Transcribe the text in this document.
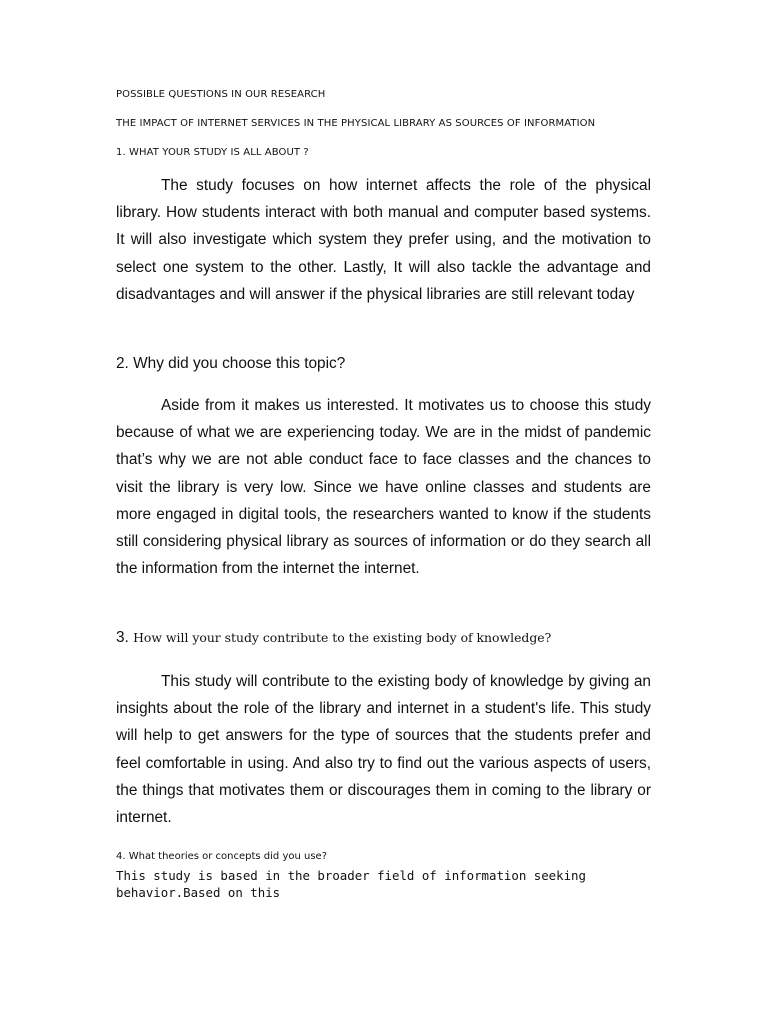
POSSIBLE QUESTIONS IN OUR RESEARCH

THE IMPACT OF INTERNET SERVICES IN THE PHYSICAL LIBRARY AS SOURCES OF INFORMATION

1. WHAT YOUR STUDY IS ALL ABOUT ?

The study focuses on how internet affects the role of the physical library. How students interact with both manual and computer based systems. It will also investigate which system they prefer using, and the motivation to select one system to the other. Lastly, It will also tackle the advantage and disadvantages and will answer if the physical libraries are still relevant today

2. Why did you choose this topic?

Aside from it makes us interested. It motivates us to choose this study because of what we are experiencing today. We are in the midst of pandemic that’s why we are not able conduct face to face classes and the chances to visit the library is very low. Since we have online classes and students are more engaged in digital tools, the researchers wanted to know if the students still considering physical library as sources of information or do they search all the information from the internet the internet.

3. How will your study contribute to the existing body of knowledge?

This study will contribute to the existing body of knowledge by giving an insights about the role of the library and internet in a student's life. This study will help to get answers for the type of sources that the students prefer and feel comfortable in using. And also try to find out the various aspects of users, the things that motivates them or discourages them in coming to the library or internet.

4. What theories or concepts did you use?

This study is based in the broader field of information seeking behavior.Based on this
